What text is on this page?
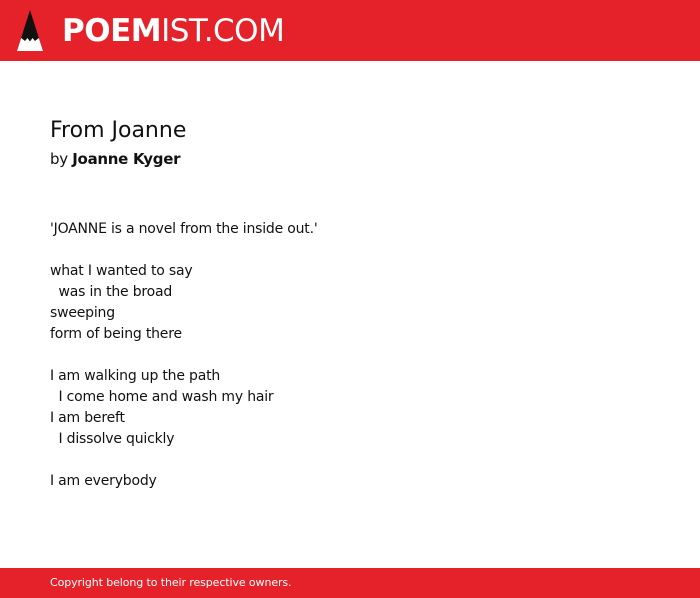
POEMIST.COM
From Joanne
by Joanne Kyger
'JOANNE is a novel from the inside out.'
what I wanted to say
was in the broad
sweeping
form of being there
I am walking up the path
I come home and wash my hair
I am bereft
I dissolve quickly
I am everybody
Copyright belong to their respective owners.
